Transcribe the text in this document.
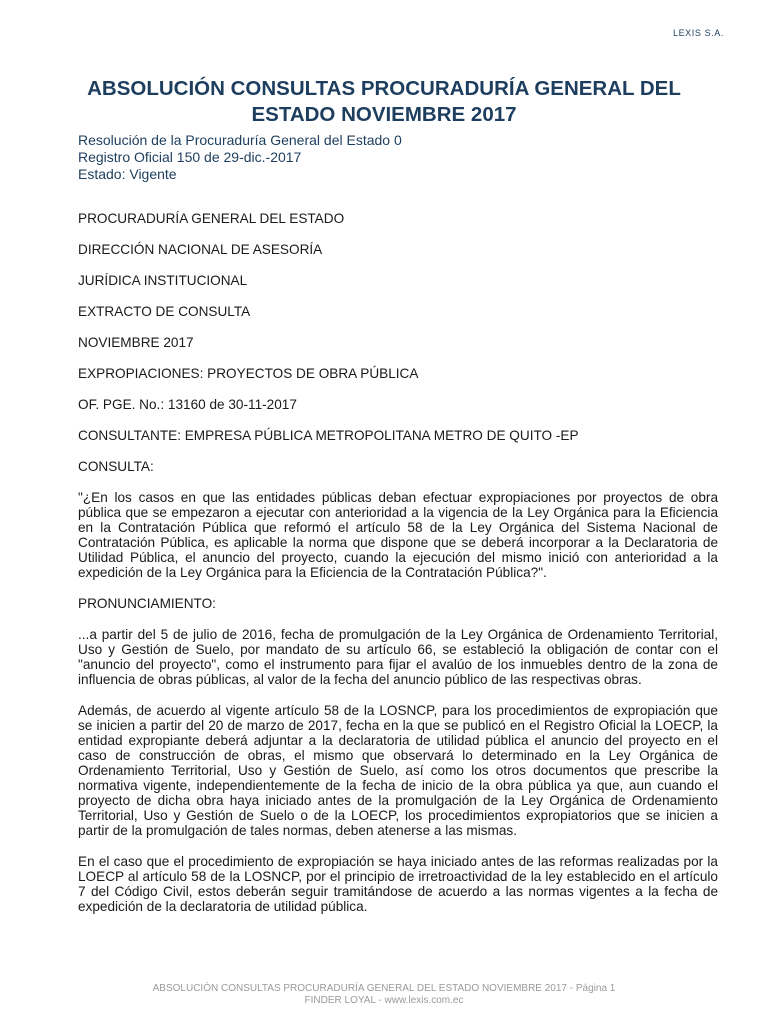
LEXIS S.A.
ABSOLUCIÓN CONSULTAS PROCURADURÍA GENERAL DEL ESTADO NOVIEMBRE 2017
Resolución de la Procuraduría General del Estado 0
Registro Oficial 150 de 29-dic.-2017
Estado: Vigente

PROCURADURÍA GENERAL DEL ESTADO

DIRECCIÓN NACIONAL DE ASESORÍA

JURÍDICA INSTITUCIONAL

EXTRACTO DE CONSULTA

NOVIEMBRE 2017

EXPROPIACIONES: PROYECTOS DE OBRA PÚBLICA

OF. PGE. No.: 13160 de 30-11-2017

CONSULTANTE: EMPRESA PÚBLICA METROPOLITANA METRO DE QUITO -EP

CONSULTA:

"¿En los casos en que las entidades públicas deban efectuar expropiaciones por proyectos de obra pública que se empezaron a ejecutar con anterioridad a la vigencia de la Ley Orgánica para la Eficiencia en la Contratación Pública que reformó el artículo 58 de la Ley Orgánica del Sistema Nacional de Contratación Pública, es aplicable la norma que dispone que se deberá incorporar a la Declaratoria de Utilidad Pública, el anuncio del proyecto, cuando la ejecución del mismo inició con anterioridad a la expedición de la Ley Orgánica para la Eficiencia de la Contratación Pública?".

PRONUNCIAMIENTO:

...a partir del 5 de julio de 2016, fecha de promulgación de la Ley Orgánica de Ordenamiento Territorial, Uso y Gestión de Suelo, por mandato de su artículo 66, se estableció la obligación de contar con el "anuncio del proyecto", como el instrumento para fijar el avalúo de los inmuebles dentro de la zona de influencia de obras públicas, al valor de la fecha del anuncio público de las respectivas obras.

Además, de acuerdo al vigente artículo 58 de la LOSNCP, para los procedimientos de expropiación que se inicien a partir del 20 de marzo de 2017, fecha en la que se publicó en el Registro Oficial la LOECP, la entidad expropiante deberá adjuntar a la declaratoria de utilidad pública el anuncio del proyecto en el caso de construcción de obras, el mismo que observará lo determinado en la Ley Orgánica de Ordenamiento Territorial, Uso y Gestión de Suelo, así como los otros documentos que prescribe la normativa vigente, independientemente de la fecha de inicio de la obra pública ya que, aun cuando el proyecto de dicha obra haya iniciado antes de la promulgación de la Ley Orgánica de Ordenamiento Territorial, Uso y Gestión de Suelo o de la LOECP, los procedimientos expropiatorios que se inicien a partir de la promulgación de tales normas, deben atenerse a las mismas.

En el caso que el procedimiento de expropiación se haya iniciado antes de las reformas realizadas por la LOECP al artículo 58 de la LOSNCP, por el principio de irretroactividad de la ley establecido en el artículo 7 del Código Civil, estos deberán seguir tramitándose de acuerdo a las normas vigentes a la fecha de expedición de la declaratoria de utilidad pública.

ABSOLUCIÓN CONSULTAS PROCURADURÍA GENERAL DEL ESTADO NOVIEMBRE 2017 - Página 1
FINDER LOYAL - www.lexis.com.ec
